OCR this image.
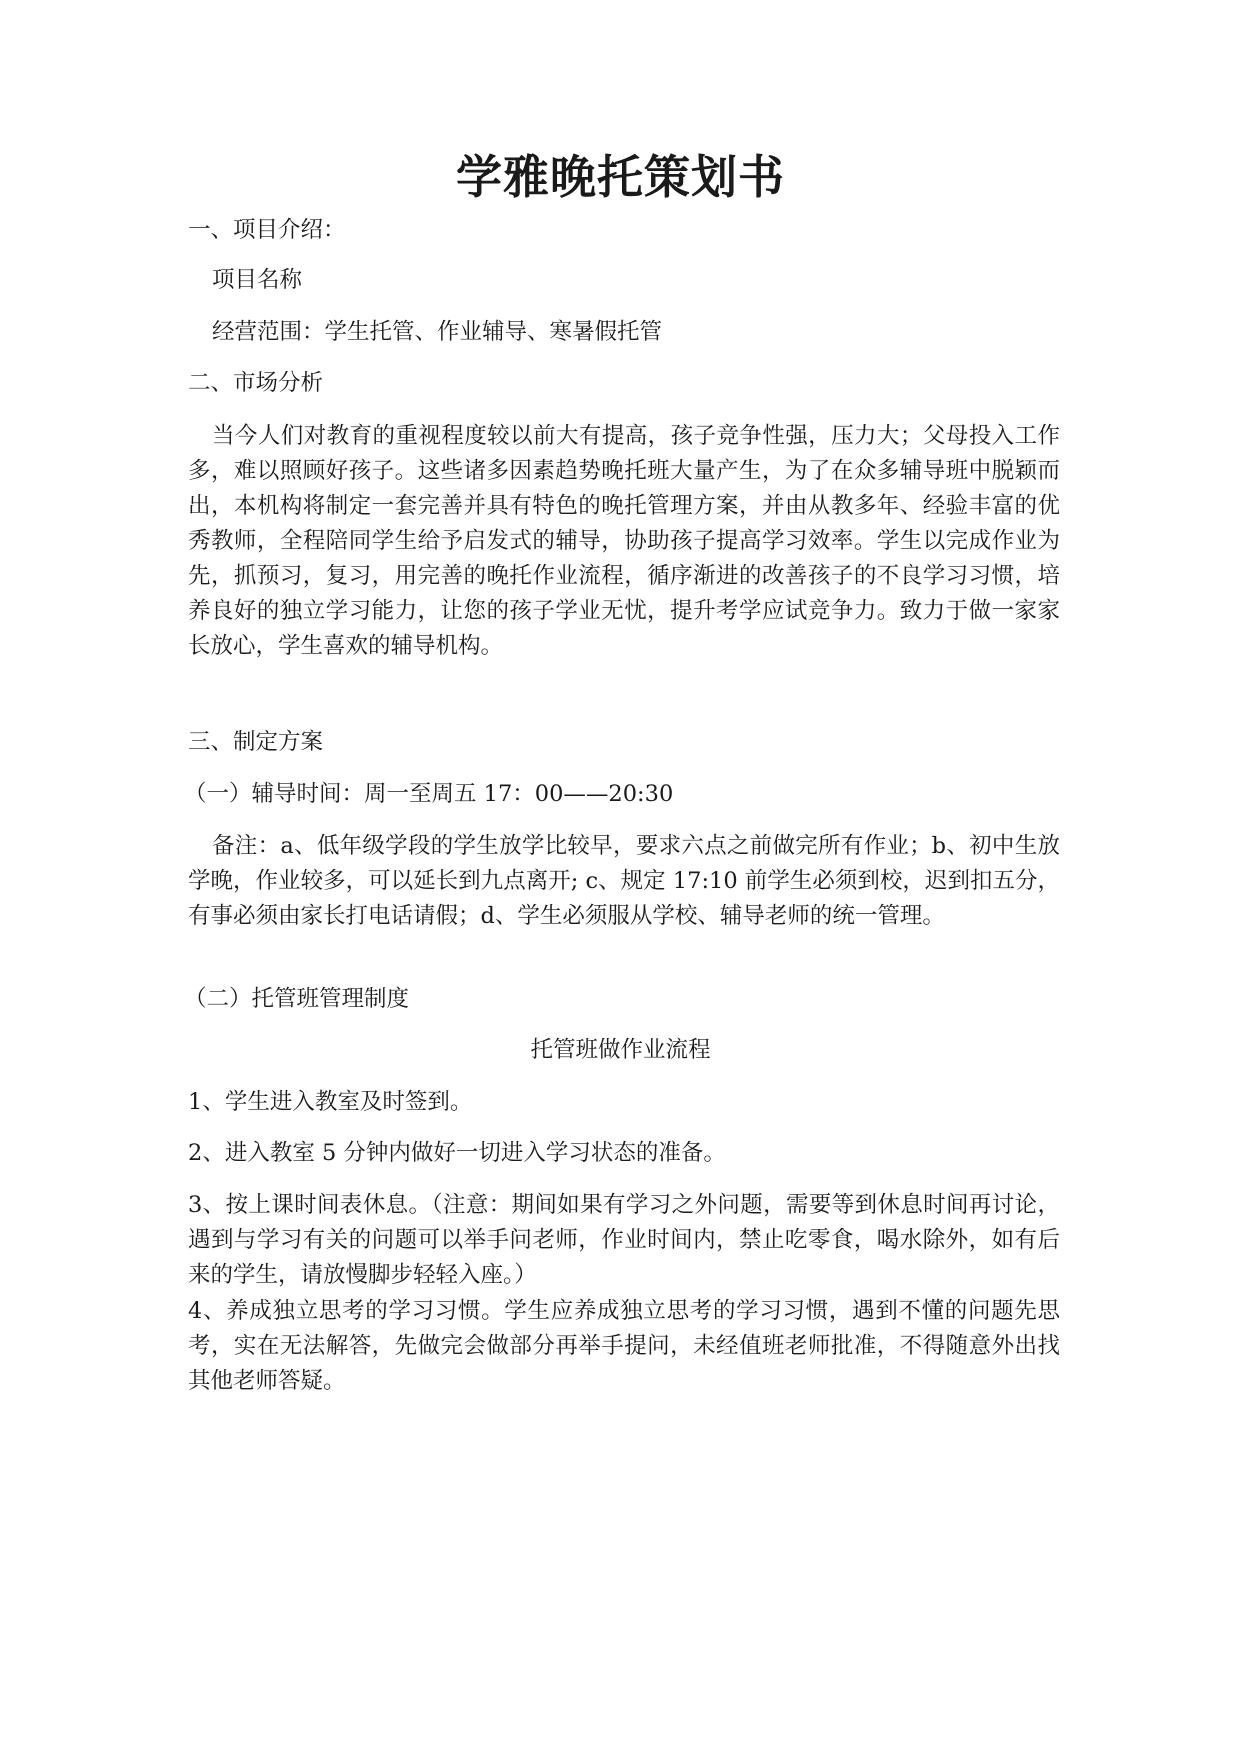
学雅晚托策划书
一、项目介绍：
项目名称
经营范围：学生托管、作业辅导、寒暑假托管
二、市场分析
当今人们对教育的重视程度较以前大有提高，孩子竞争性强，压力大；父母投入工作多，难以照顾好孩子。这些诸多因素趋势晚托班大量产生，为了在众多辅导班中脱颖而出，本机构将制定一套完善并具有特色的晚托管理方案，并由从教多年、经验丰富的优秀教师，全程陪同学生给予启发式的辅导，协助孩子提高学习效率。学生以完成作业为先，抓预习，复习，用完善的晚托作业流程，循序渐进的改善孩子的不良学习习惯，培养良好的独立学习能力，让您的孩子学业无忧，提升考学应试竞争力。致力于做一家家长放心，学生喜欢的辅导机构。
三、制定方案
（一）辅导时间：周一至周五 17：00——20:30
备注：a、低年级学段的学生放学比较早，要求六点之前做完所有作业；b、初中生放学晚，作业较多，可以延长到九点离开; c、规定 17:10 前学生必须到校，迟到扣五分，有事必须由家长打电话请假；d、学生必须服从学校、辅导老师的统一管理。
（二）托管班管理制度
托管班做作业流程
1、学生进入教室及时签到。
2、进入教室 5 分钟内做好一切进入学习状态的准备。
3、按上课时间表休息。（注意：期间如果有学习之外问题，需要等到休息时间再讨论，遇到与学习有关的问题可以举手问老师，作业时间内，禁止吃零食，喝水除外，如有后来的学生，请放慢脚步轻轻入座。）
4、养成独立思考的学习习惯。学生应养成独立思考的学习习惯，遇到不懂的问题先思考，实在无法解答，先做完会做部分再举手提问，未经值班老师批准，不得随意外出找其他老师答疑。
